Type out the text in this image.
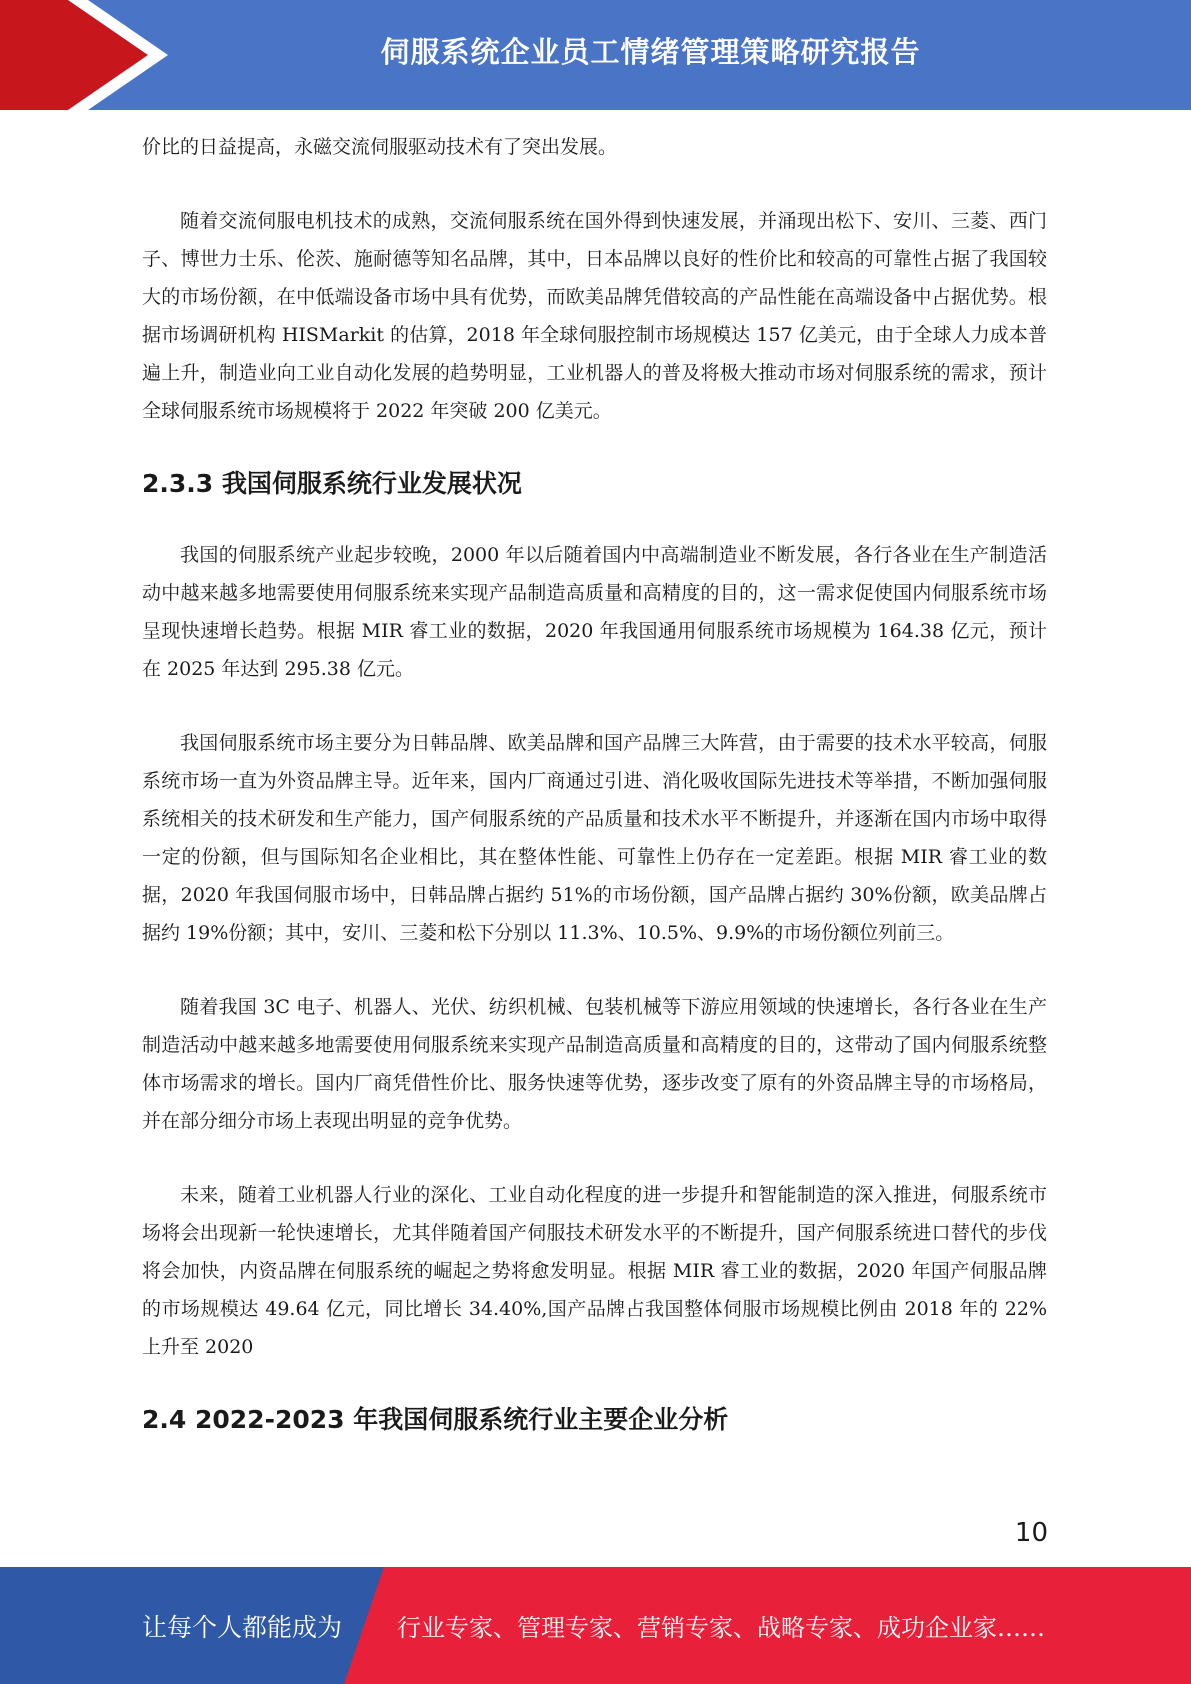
伺服系统企业员工情绪管理策略研究报告

价比的日益提高，永磁交流伺服驱动技术有了突出发展。

随着交流伺服电机技术的成熟，交流伺服系统在国外得到快速发展，并涌现出松下、安川、三菱、西门子、博世力士乐、伦茨、施耐德等知名品牌，其中，日本品牌以良好的性价比和较高的可靠性占据了我国较大的市场份额，在中低端设备市场中具有优势，而欧美品牌凭借较高的产品性能在高端设备中占据优势。根据市场调研机构 HISMarkit 的估算，2018 年全球伺服控制市场规模达 157 亿美元，由于全球人力成本普遍上升，制造业向工业自动化发展的趋势明显，工业机器人的普及将极大推动市场对伺服系统的需求，预计全球伺服系统市场规模将于 2022 年突破 200 亿美元。

2.3.3 我国伺服系统行业发展状况

我国的伺服系统产业起步较晚，2000 年以后随着国内中高端制造业不断发展，各行各业在生产制造活动中越来越多地需要使用伺服系统来实现产品制造高质量和高精度的目的，这一需求促使国内伺服系统市场呈现快速增长趋势。根据 MIR 睿工业的数据，2020 年我国通用伺服系统市场规模为 164.38 亿元，预计在 2025 年达到 295.38 亿元。

我国伺服系统市场主要分为日韩品牌、欧美品牌和国产品牌三大阵营，由于需要的技术水平较高，伺服系统市场一直为外资品牌主导。近年来，国内厂商通过引进、消化吸收国际先进技术等举措，不断加强伺服系统相关的技术研发和生产能力，国产伺服系统的产品质量和技术水平不断提升，并逐渐在国内市场中取得一定的份额，但与国际知名企业相比，其在整体性能、可靠性上仍存在一定差距。根据 MIR 睿工业的数据，2020 年我国伺服市场中，日韩品牌占据约 51%的市场份额，国产品牌占据约 30%份额，欧美品牌占据约 19%份额；其中，安川、三菱和松下分别以 11.3%、10.5%、9.9%的市场份额位列前三。

随着我国 3C 电子、机器人、光伏、纺织机械、包装机械等下游应用领域的快速增长，各行各业在生产制造活动中越来越多地需要使用伺服系统来实现产品制造高质量和高精度的目的，这带动了国内伺服系统整体市场需求的增长。国内厂商凭借性价比、服务快速等优势，逐步改变了原有的外资品牌主导的市场格局，并在部分细分市场上表现出明显的竞争优势。

未来，随着工业机器人行业的深化、工业自动化程度的进一步提升和智能制造的深入推进，伺服系统市场将会出现新一轮快速增长，尤其伴随着国产伺服技术研发水平的不断提升，国产伺服系统进口替代的步伐将会加快，内资品牌在伺服系统的崛起之势将愈发明显。根据 MIR 睿工业的数据，2020 年国产伺服品牌的市场规模达 49.64 亿元，同比增长 34.40%,国产品牌占我国整体伺服市场规模比例由 2018 年的 22%上升至 2020

2.4 2022-2023 年我国伺服系统行业主要企业分析
10
让每个人都能成为 行业专家、管理专家、营销专家、战略专家、成功企业家……
